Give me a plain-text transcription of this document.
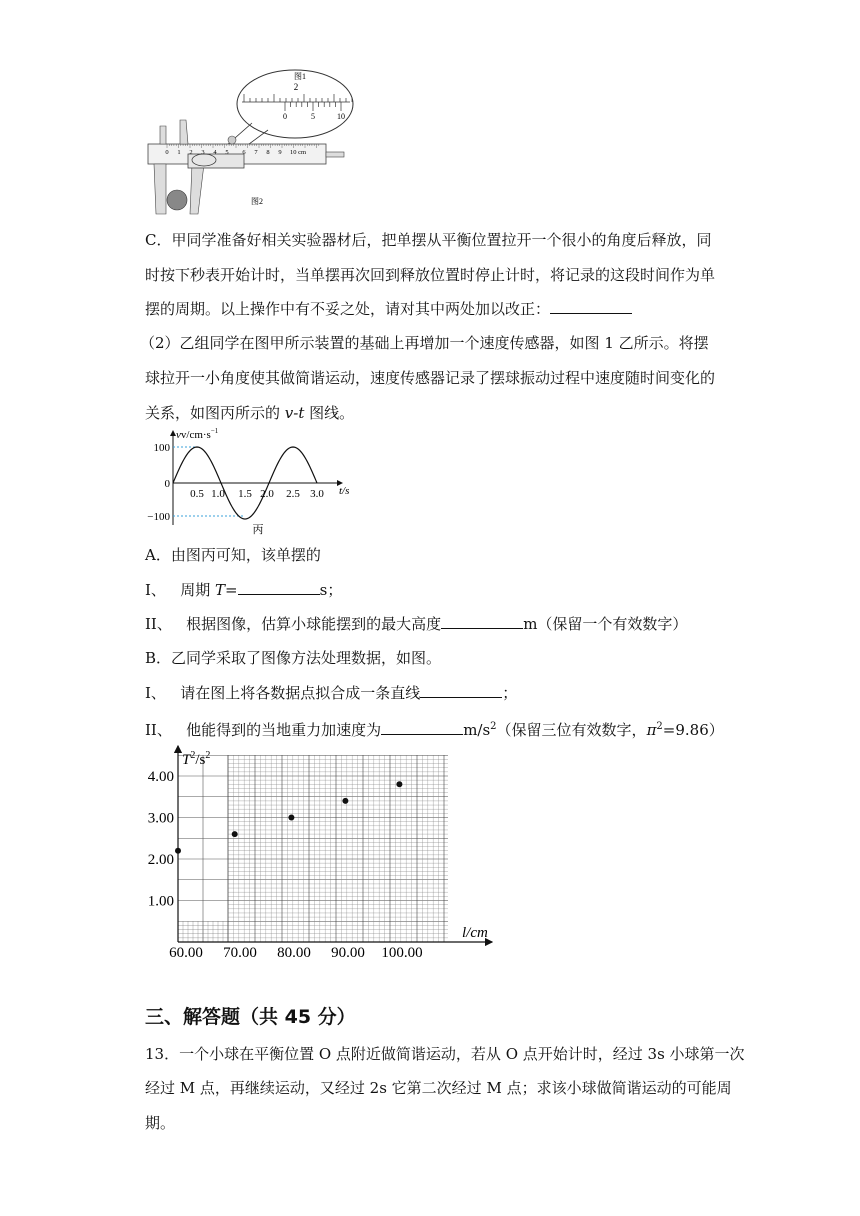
图1
2
0	5	10
0 1 2 3 4 5 6 7 8 9 10 cm
图2
C．甲同学准备好相关实验器材后，把单摆从平衡位置拉开一个很小的角度后释放，同
时按下秒表开始计时，当单摆再次回到释放位置时停止计时，将记录的这段时间作为单
摆的周期。以上操作中有不妥之处，请对其中两处加以改正：
（2）乙组同学在图甲所示装置的基础上再增加一个速度传感器，如图 1 乙所示。将摆
球拉开一小角度使其做简谐运动，速度传感器记录了摆球振动过程中速度随时间变化的
关系，如图丙所示的 v-t 图线。
$vv/cm\cdot s^{-1}$
t/s
100
0
−100
0.5 1.0 1.5 2.0 2.5 3.0
丙
A．由图丙可知，该单摆的
I、 周期 T=	s；
II、 根据图像，估算小球能摆到的最大高度	m（保留一个有效数字）
B．乙同学采取了图像方法处理数据，如图。
I、 请在图上将各数据点拟合成一条直线	；
II、 他能得到的当地重力加速度为	$m/s^2$（保留三位有效数字，$\pi^2=9.86$）
$T^2/s^2$
l/cm
4.00
3.00
2.00
1.00
60.00 70.00 80.00 90.00 100.00
三、解答题（共 45 分）
13．一个小球在平衡位置 O 点附近做简谐运动，若从 O 点开始计时，经过 3s 小球第一次
经过 M 点，再继续运动，又经过 2s 它第二次经过 M 点；求该小球做简谐运动的可能周
期。
